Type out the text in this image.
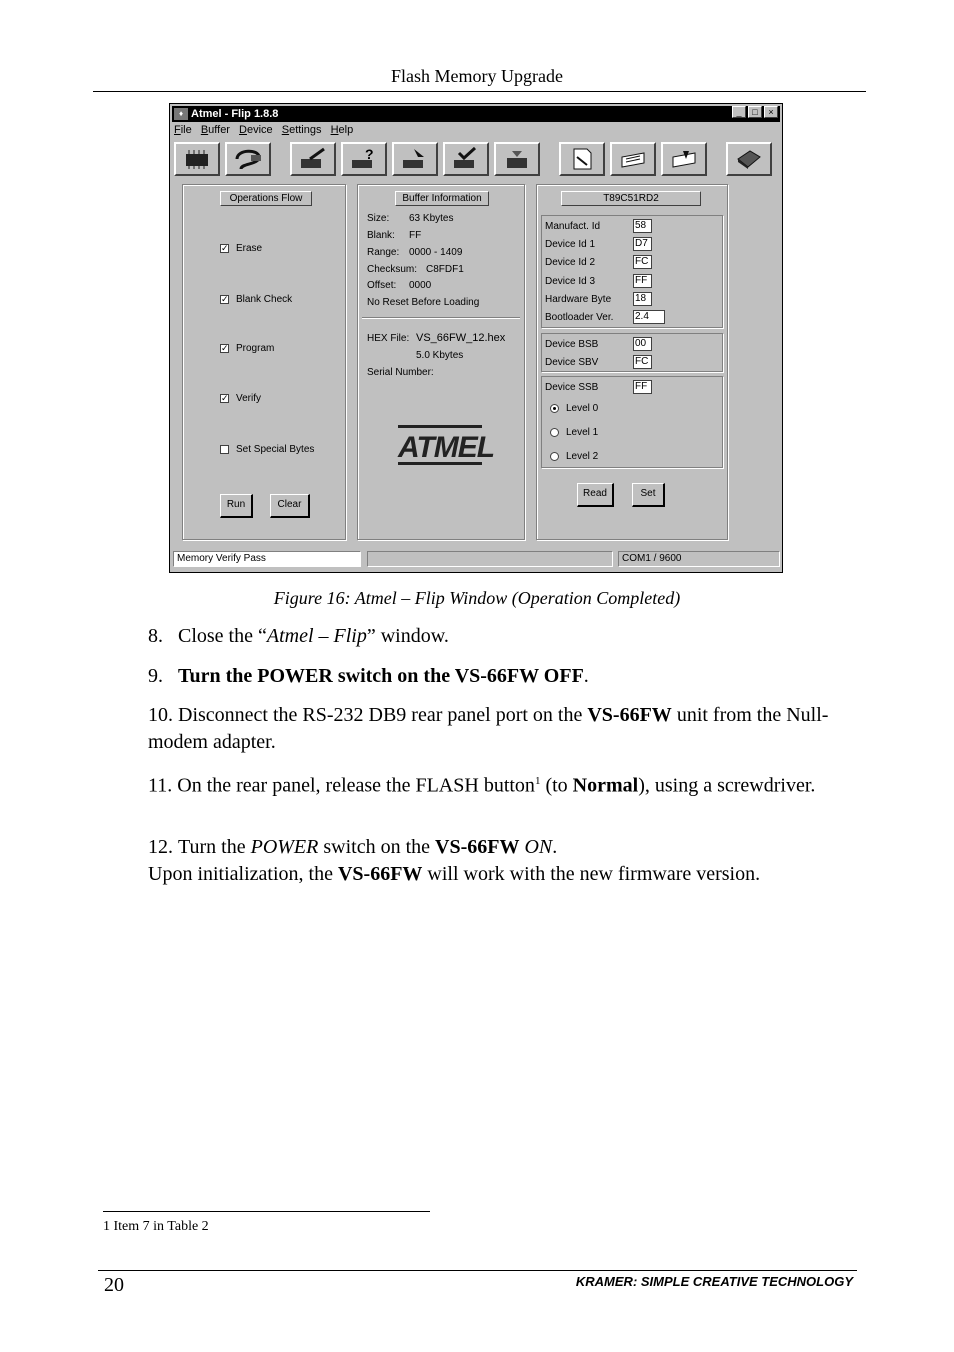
Flash Memory Upgrade
♦ Atmel - Flip 1.8.8	_	□	×
File Buffer Device Settings Help
?
Operations Flow
✓ Erase
✓ Blank Check
✓ Program
✓ Verify
Set Special Bytes
Run	Clear
Buffer Information
Size: 63 Kbytes
Blank: FF
Range: 0000 - 1409
Checksum: C8FDF1
Offset: 0000
No Reset Before Loading
HEX File: VS_66FW_12.hex
5.0 Kbytes
Serial Number:
ATMEL
T89C51RD2
Manufact. Id	58
Device Id 1	D7
Device Id 2	FC
Device Id 3	FF
Hardware Byte 18
Bootloader Ver. 2.4
Device BSB	00
Device SBV	FC
Device SSB	FF
Level 0
Level 1
Level 2
Read	Set
Memory Verify Pass	COM1 / 9600
Figure 16: Atmel – Flip Window (Operation Completed)
8. Close the “Atmel – Flip” window.
9. Turn the POWER switch on the VS-66FW OFF.
10. Disconnect the RS-232 DB9 rear panel port on the VS-66FW unit from the Null-modem adapter.
11. On the rear panel, release the FLASH button$^1$ (to Normal), using a screwdriver.
12. Turn the POWER switch on the VS-66FW ON.
Upon initialization, the VS-66FW will work with the new firmware version.
1 Item 7 in Table 2
20	KRAMER: SIMPLE CREATIVE TECHNOLOGY
